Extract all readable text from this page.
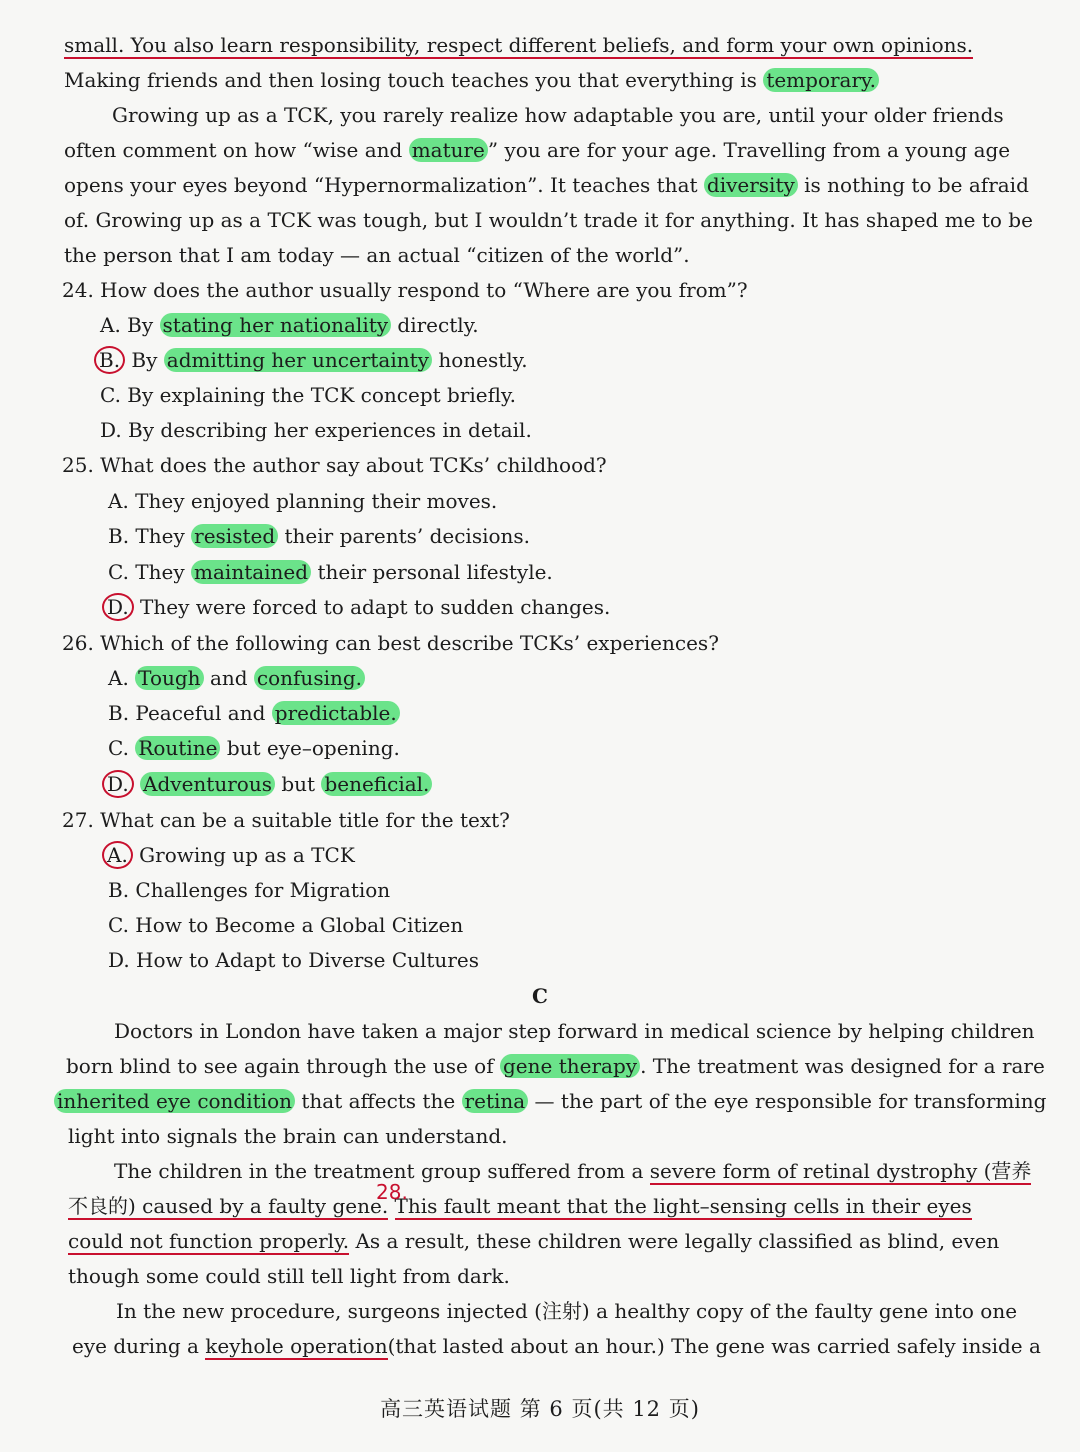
small. You also learn responsibility, respect different beliefs, and form your own opinions.
Making friends and then losing touch teaches you that everything is temporary.
Growing up as a TCK, you rarely realize how adaptable you are, until your older friends
often comment on how “wise and mature ” you are for your age. Travelling from a young age
opens your eyes beyond “Hypernormalization”. It teaches that diversity is nothing to be afraid
of. Growing up as a TCK was tough, but I wouldn’t trade it for anything. It has shaped me to be
the person that I am today — an actual “citizen of the world”.
24. How does the author usually respond to “Where are you from”?
A. By stating her nationality directly.
B. By admitting her uncertainty honestly.
C. By explaining the TCK concept briefly.
D. By describing her experiences in detail.
25. What does the author say about TCKs’ childhood?
A. They enjoyed planning their moves.
B. They resisted their parents’ decisions.
C. They maintained their personal lifestyle.
D. They were forced to adapt to sudden changes.
26. Which of the following can best describe TCKs’ experiences?
A. Tough and confusing.
B. Peaceful and predictable.
C. Routine but eye–opening.
D. Adventurous but beneficial.
27. What can be a suitable title for the text?
A. Growing up as a TCK
B. Challenges for Migration
C. How to Become a Global Citizen
D. How to Adapt to Diverse Cultures
C
Doctors in London have taken a major step forward in medical science by helping children
born blind to see again through the use of gene therapy . The treatment was designed for a rare
inherited eye condition that affects the retina — the part of the eye responsible for transforming
light into signals the brain can understand.
The children in the treatment group suffered from a severe form of retinal dystrophy (营养
不良的) caused by a faulty gene. This fault meant that the light–sensing cells in their eyes
28.
could not function properly. As a result, these children were legally classified as blind, even
though some could still tell light from dark.
In the new procedure, surgeons injected (注射) a healthy copy of the faulty gene into one
eye during a keyhole operation(that lasted about an hour.) The gene was carried safely inside a
高三英语试题 第 6 页(共 12 页)
